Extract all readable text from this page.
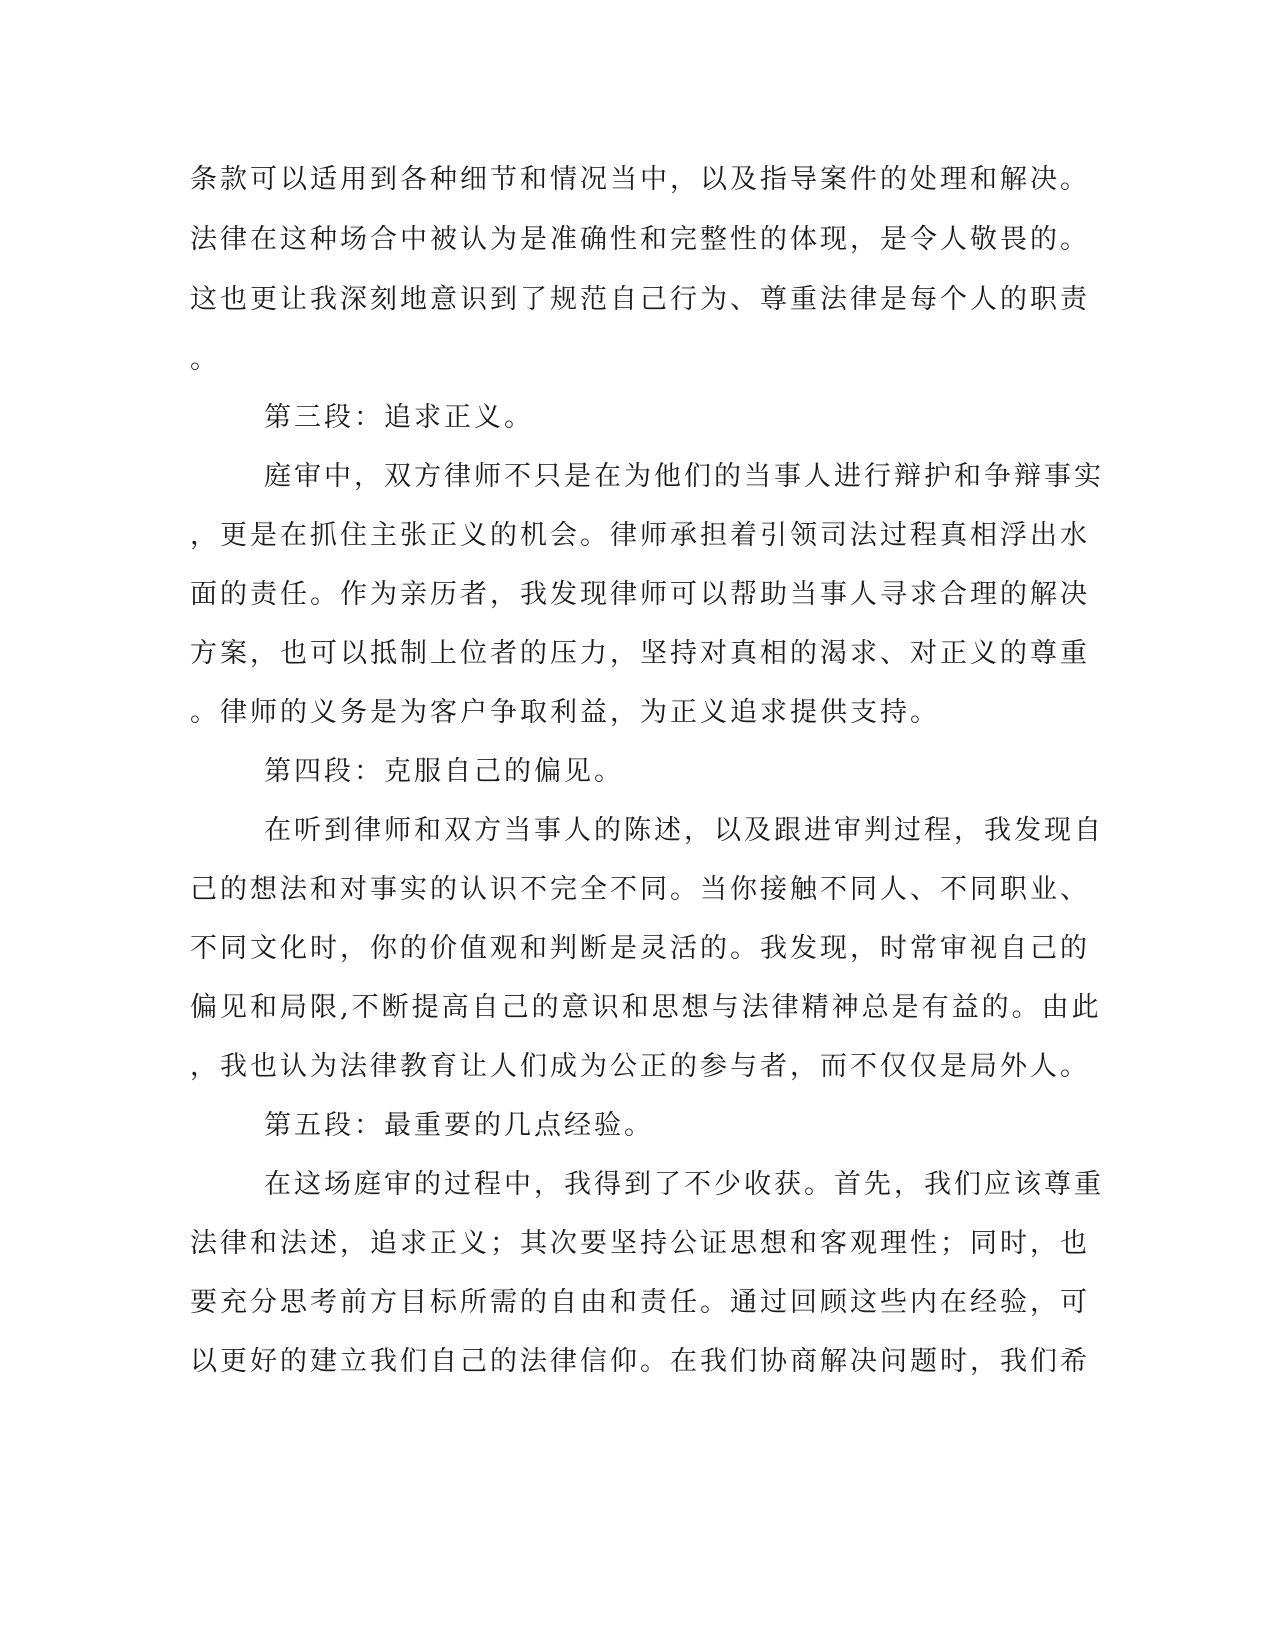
条款可以适用到各种细节和情况当中，以及指导案件的处理和解决。
法律在这种场合中被认为是准确性和完整性的体现，是令人敬畏的。
这也更让我深刻地意识到了规范自己行为、尊重法律是每个人的职责
。
第三段：追求正义。
庭审中，双方律师不只是在为他们的当事人进行辩护和争辩事实
，更是在抓住主张正义的机会。律师承担着引领司法过程真相浮出水
面的责任。作为亲历者，我发现律师可以帮助当事人寻求合理的解决
方案，也可以抵制上位者的压力，坚持对真相的渴求、对正义的尊重
。律师的义务是为客户争取利益，为正义追求提供支持。
第四段：克服自己的偏见。
在听到律师和双方当事人的陈述，以及跟进审判过程，我发现自
己的想法和对事实的认识不完全不同。当你接触不同人、不同职业、
不同文化时，你的价值观和判断是灵活的。我发现，时常审视自己的
偏见和局限,不断提高自己的意识和思想与法律精神总是有益的。由此
，我也认为法律教育让人们成为公正的参与者，而不仅仅是局外人。
第五段：最重要的几点经验。
在这场庭审的过程中，我得到了不少收获。首先，我们应该尊重
法律和法述，追求正义；其次要坚持公证思想和客观理性；同时，也
要充分思考前方目标所需的自由和责任。通过回顾这些内在经验，可
以更好的建立我们自己的法律信仰。在我们协商解决问题时，我们希
